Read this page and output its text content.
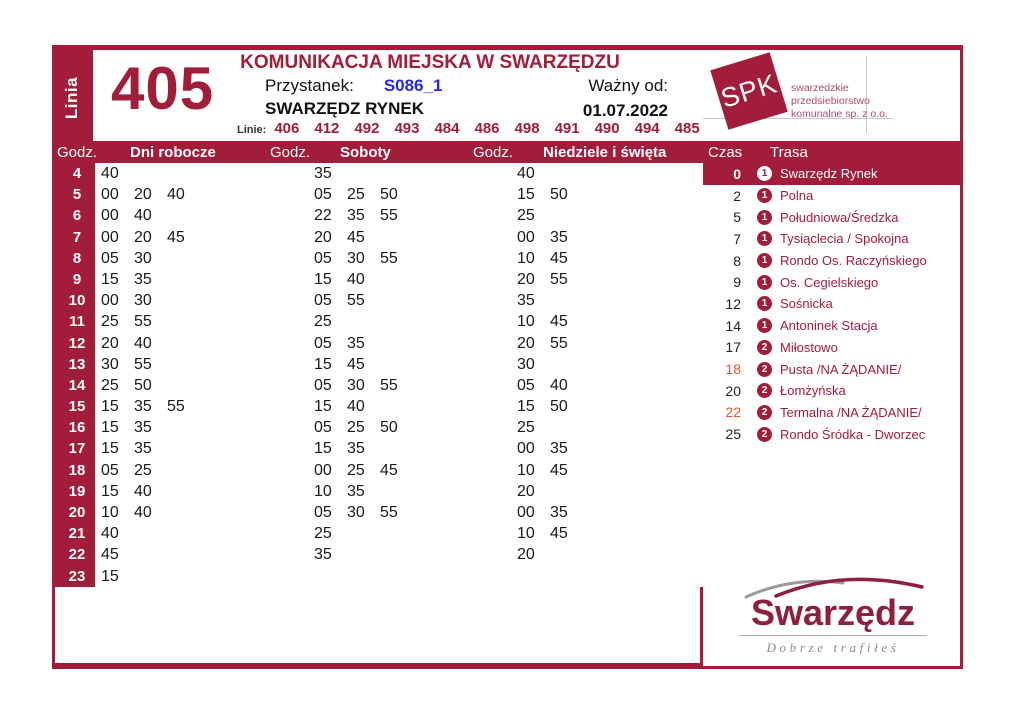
Linia 405	KOMUNIKACJA MIEJSKA W SWARZĘDZU
Przystanek: S086_1
SWARZĘDZ RYNEK
Ważny od:
01.07.2022
Linie: 406 412 492 493 484 486 498 491 490 494 485
SPK swarzedzkie
przedsiebiorstwo
komunalne sp. z o.o.
Godz. Dni robocze	Godz. Soboty	Godz. Niedziele i święta	Czas Trasa
4	40
5	00 20 40
6	00 40
7	00 20 45
8	05 30
9	15 35
10 00 30
11	25 55
12 20 40
13 30 55
14 25 50
15 15 35 55
16 15 35
17 15 35
18 05 25
19 15 40
20 10 40
21 40
22 45
23 15
4	35
5	05 25 50
6	22 35 55
7	20 45
8	05 30 55
9	15 40
10 05 55
11	25
12 05 35
13 15 45
14 05 30 55
15 15 40
16 05 25 50
17 15 35
18 00 25 45
19 10 35
20 05 30 55
21 25
22 35
23
4	40
5	15 50
6	25
7	00 35
8	10 45
9	20 55
10 35
11	10 45
12 20 55
13 30
14 05 40
15 15 50
16 25
17 00 35
18 10 45
19 20
20 00 35
21 10 45
22 20
23
0	1 Swarzędz Rynek
2	1 Polna
5	1 Południowa/Średzka
7	1 Tysiąclecia / Spokojna
8	1 Rondo Os. Raczyńskiego
9	1 Os. Cegielskiego
12	1 Sośnicka
14	1 Antoninek Stacja
17	2 Miłostowo
18	2 Pusta /NA ŻĄDANIE/
20	2 Łomżyńska
22	2 Termalna /NA ŻĄDANIE/
25	2 Rondo Śródka - Dworzec
Swarzędz
Dobrze trafiłeś
